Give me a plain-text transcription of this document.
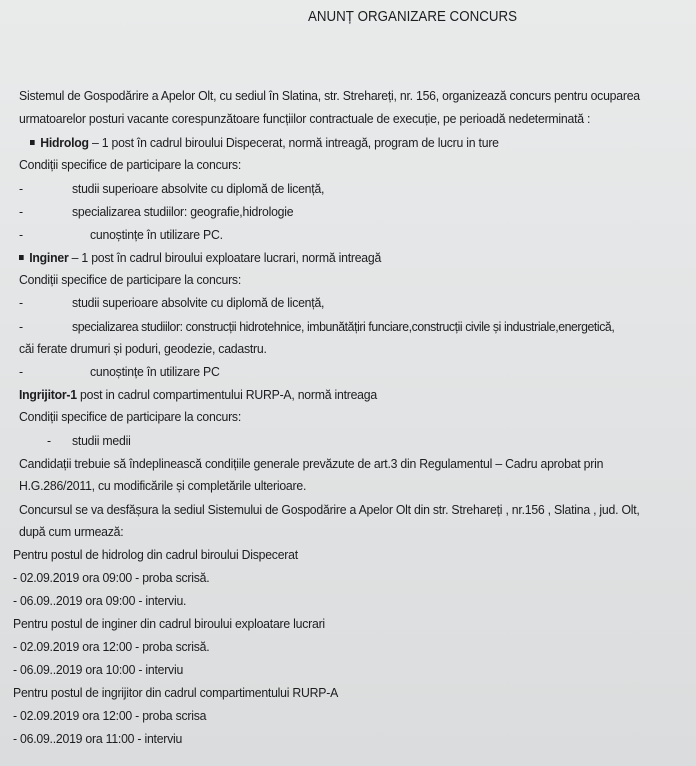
ANUNȚ ORGANIZARE CONCURS
Sistemul de Gospodărire a Apelor Olt, cu sediul în Slatina, str. Strehareți, nr. 156, organizează concurs pentru ocuparea
urmatoarelor posturi vacante corespunzătoare funcțiilor contractuale de execuție, pe perioadă nedeterminată :
Hidrolog – 1 post în cadrul biroului Dispecerat, normă intreagă, program de lucru in ture
Condiții specifice de participare la concurs:
-	studii superioare absolvite cu diplomă de licență,
-	specializarea studiilor: geografie,hidrologie
-	cunoștințe în utilizare PC.
Inginer – 1 post în cadrul biroului exploatare lucrari, normă intreagă
Condiții specifice de participare la concurs:
-	studii superioare absolvite cu diplomă de licență,
-	specializarea studiilor: construcții hidrotehnice, imbunătățiri funciare,construcții civile și industriale,energetică,
căi ferate drumuri și poduri, geodezie, cadastru.
-	cunoștințe în utilizare PC
Ingrijitor-1 post in cadrul compartimentului RURP-A, normă intreaga
Condiții specifice de participare la concurs:
- studii medii
Candidații trebuie să îndeplinească condițiile generale prevăzute de art.3 din Regulamentul – Cadru aprobat prin
H.G.286/2011, cu modificările și completările ulterioare.
Concursul se va desfășura la sediul Sistemului de Gospodărire a Apelor Olt din str. Strehareți , nr.156 , Slatina , jud. Olt,
după cum urmează:
Pentru postul de hidrolog din cadrul biroului Dispecerat
- 02.09.2019 ora 09:00 - proba scrisă.
- 06.09..2019 ora 09:00 - interviu.
Pentru postul de inginer din cadrul biroului exploatare lucrari
- 02.09.2019 ora 12:00 - proba scrisă.
- 06.09..2019 ora 10:00 - interviu
Pentru postul de ingrijitor din cadrul compartimentului RURP-A
- 02.09.2019 ora 12:00 - proba scrisa
- 06.09..2019 ora 11:00 - interviu
